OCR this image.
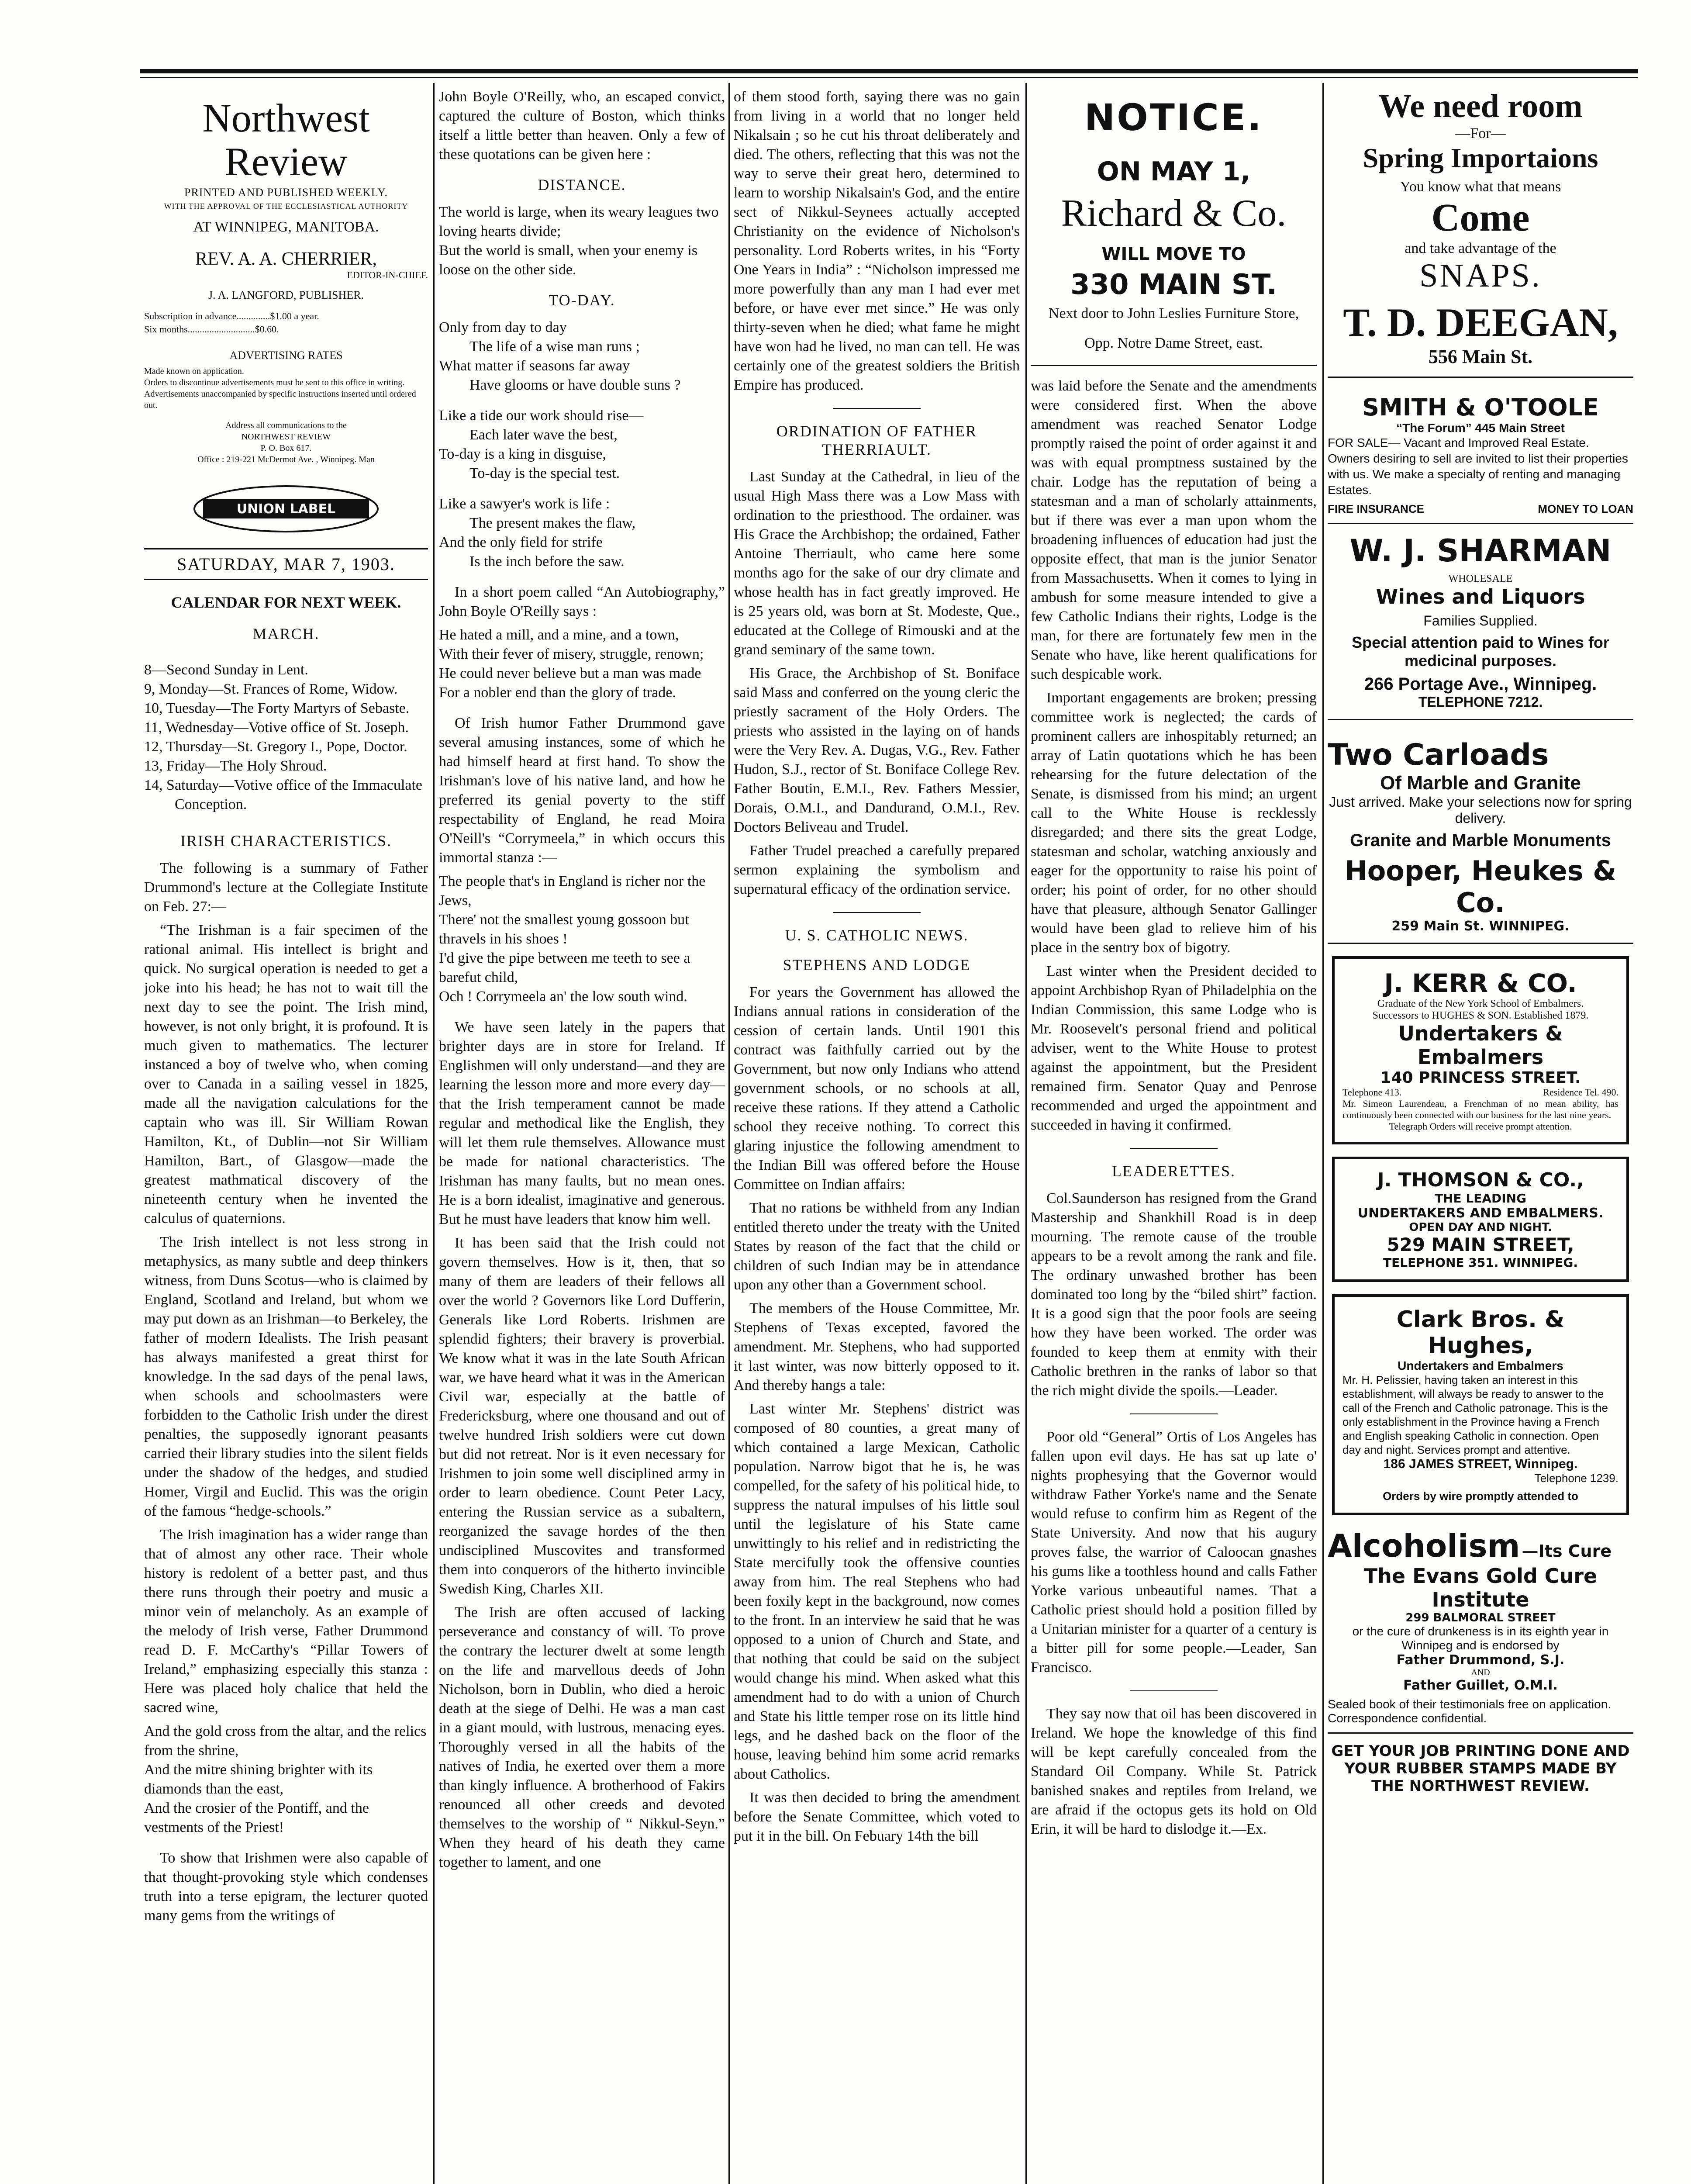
Northwest Review
PRINTED AND PUBLISHED WEEKLY.
WITH THE APPROVAL OF THE ECCLESIASTICAL AUTHORITY
AT WINNIPEG, MANITOBA.
REV. A. A. CHERRIER,
EDITOR-IN-CHIEF.
J. A. LANGFORD, PUBLISHER.
Subscription in advance..............$1.00 a year.
Six months............................$0.60.
ADVERTISING RATES
Made known on application.
Orders to discontinue advertisements must be sent to this office in writing.
Advertisements unaccompanied by specific instructions inserted until ordered out.
Address all communications to the
NORTHWEST REVIEW
P. O. Box 617.
Office : 219-221 McDermot Ave. , Winnipeg. Man
UNION LABEL
SATURDAY, MAR 7, 1903.
CALENDAR FOR NEXT WEEK.
MARCH.
8—Second Sunday in Lent.
9, Monday—St. Frances of Rome, Widow.
10, Tuesday—The Forty Martyrs of Sebaste.
11, Wednesday—Votive office of St. Joseph.
12, Thursday—St. Gregory I., Pope, Doctor.
13, Friday—The Holy Shroud.
14, Saturday—Votive office of the Immaculate Conception.
IRISH CHARACTERISTICS.

The following is a summary of Father Drummond's lecture at the Collegiate Institute on Feb. 27:—

“The Irishman is a fair specimen of the rational animal. His intellect is bright and quick. No surgical operation is needed to get a joke into his head; he has not to wait till the next day to see the point. The Irish mind, however, is not only bright, it is profound. It is much given to mathematics. The lecturer instanced a boy of twelve who, when coming over to Canada in a sailing vessel in 1825, made all the navigation calculations for the captain who was ill. Sir William Rowan Hamilton, Kt., of Dublin—not Sir William Hamilton, Bart., of Glasgow—made the greatest mathmatical discovery of the nineteenth century when he invented the calculus of quaternions.

The Irish intellect is not less strong in metaphysics, as many subtle and deep thinkers witness, from Duns Scotus—who is claimed by England, Scotland and Ireland, but whom we may put down as an Irishman—to Berkeley, the father of modern Idealists. The Irish peasant has always manifested a great thirst for knowledge. In the sad days of the penal laws, when schools and schoolmasters were forbidden to the Catholic Irish under the direst penalties, the supposedly ignorant peasants carried their library studies into the silent fields under the shadow of the hedges, and studied Homer, Virgil and Euclid. This was the origin of the famous “hedge-schools.”

The Irish imagination has a wider range than that of almost any other race. Their whole history is redolent of a better past, and thus there runs through their poetry and music a minor vein of melancholy. As an example of the melody of Irish verse, Father Drummond read D. F. McCarthy's “Pillar Towers of Ireland,” emphasizing especially this stanza : Here was placed holy chalice that held the sacred wine,

And the gold cross from the altar, and the relics from the shrine,
And the mitre shining brighter with its diamonds than the east,
And the crosier of the Pontiff, and the vestments of the Priest!

To show that Irishmen were also capable of that thought-provoking style which condenses truth into a terse epigram, the lecturer quoted many gems from the writings of

John Boyle O'Reilly, who, an escaped convict, captured the culture of Boston, which thinks itself a little better than heaven. Only a few of these quotations can be given here :

DISTANCE.
The world is large, when its weary leagues two loving hearts divide;
But the world is small, when your enemy is loose on the other side.
TO-DAY.
Only from day to day
The life of a wise man runs ;
What matter if seasons far away
Have glooms or have double suns ?
Like a tide our work should rise—
Each later wave the best,
To-day is a king in disguise,
To-day is the special test.
Like a sawyer's work is life :
The present makes the flaw,
And the only field for strife
Is the inch before the saw.

In a short poem called “An Autobiography,” John Boyle O'Reilly says :

He hated a mill, and a mine, and a town,
With their fever of misery, struggle, renown;
He could never believe but a man was made
For a nobler end than the glory of trade.

Of Irish humor Father Drummond gave several amusing instances, some of which he had himself heard at first hand. To show the Irishman's love of his native land, and how he preferred its genial poverty to the stiff respectability of England, he read Moira O'Neill's “Corrymeela,” in which occurs this immortal stanza :—

The people that's in England is richer nor the Jews,
There' not the smallest young gossoon but thravels in his shoes !
I'd give the pipe between me teeth to see a barefut child,
Och ! Corrymeela an' the low south wind.

We have seen lately in the papers that brighter days are in store for Ireland. If Englishmen will only understand—and they are learning the lesson more and more every day—that the Irish temperament cannot be made regular and methodical like the English, they will let them rule themselves. Allowance must be made for national characteristics. The Irishman has many faults, but no mean ones. He is a born idealist, imaginative and generous. But he must have leaders that know him well.

It has been said that the Irish could not govern themselves. How is it, then, that so many of them are leaders of their fellows all over the world ? Governors like Lord Dufferin, Generals like Lord Roberts. Irishmen are splendid fighters; their bravery is proverbial. We know what it was in the late South African war, we have heard what it was in the American Civil war, especially at the battle of Fredericksburg, where one thousand and out of twelve hundred Irish soldiers were cut down but did not retreat. Nor is it even necessary for Irishmen to join some well disciplined army in order to learn obedience. Count Peter Lacy, entering the Russian service as a subaltern, reorganized the savage hordes of the then undisciplined Muscovites and transformed them into conquerors of the hitherto invincible Swedish King, Charles XII.

The Irish are often accused of lacking perseverance and constancy of will. To prove the contrary the lecturer dwelt at some length on the life and marvellous deeds of John Nicholson, born in Dublin, who died a heroic death at the siege of Delhi. He was a man cast in a giant mould, with lustrous, menacing eyes. Thoroughly versed in all the habits of the natives of India, he exerted over them a more than kingly influence. A brotherhood of Fakirs renounced all other creeds and devoted themselves to the worship of “ Nikkul-Seyn.” When they heard of his death they came together to lament, and one

of them stood forth, saying there was no gain from living in a world that no longer held Nikalsain ; so he cut his throat deliberately and died. The others, reflecting that this was not the way to serve their great hero, determined to learn to worship Nikalsain's God, and the entire sect of Nikkul-Seynees actually accepted Christianity on the evidence of Nicholson's personality. Lord Roberts writes, in his “Forty One Years in India” : “Nicholson impressed me more powerfully than any man I had ever met before, or have ever met since.” He was only thirty-seven when he died; what fame he might have won had he lived, no man can tell. He was certainly one of the greatest soldiers the British Empire has produced.

ORDINATION OF FATHER THERRIAULT.

Last Sunday at the Cathedral, in lieu of the usual High Mass there was a Low Mass with ordination to the priesthood. The ordainer. was His Grace the Archbishop; the ordained, Father Antoine Therriault, who came here some months ago for the sake of our dry climate and whose health has in fact greatly improved. He is 25 years old, was born at St. Modeste, Que., educated at the College of Rimouski and at the grand seminary of the same town.

His Grace, the Archbishop of St. Boniface said Mass and conferred on the young cleric the priestly sacrament of the Holy Orders. The priests who assisted in the laying on of hands were the Very Rev. A. Dugas, V.G., Rev. Father Hudon, S.J., rector of St. Boniface College Rev. Father Boutin, E.M.I., Rev. Fathers Messier, Dorais, O.M.I., and Dandurand, O.M.I., Rev. Doctors Beliveau and Trudel.

Father Trudel preached a carefully prepared sermon explaining the symbolism and supernatural efficacy of the ordination service.

U. S. CATHOLIC NEWS.
STEPHENS AND LODGE

For years the Government has allowed the Indians annual rations in consideration of the cession of certain lands. Until 1901 this contract was faithfully carried out by the Government, but now only Indians who attend government schools, or no schools at all, receive these rations. If they attend a Catholic school they receive nothing. To correct this glaring injustice the following amendment to the Indian Bill was offered before the House Committee on Indian affairs:

That no rations be withheld from any Indian entitled thereto under the treaty with the United States by reason of the fact that the child or children of such Indian may be in attendance upon any other than a Government school.

The members of the House Committee, Mr. Stephens of Texas excepted, favored the amendment. Mr. Stephens, who had supported it last winter, was now bitterly opposed to it. And thereby hangs a tale:

Last winter Mr. Stephens' district was composed of 80 counties, a great many of which contained a large Mexican, Catholic population. Narrow bigot that he is, he was compelled, for the safety of his political hide, to suppress the natural impulses of his little soul until the legislature of his State came unwittingly to his relief and in redistricting the State mercifully took the offensive counties away from him. The real Stephens who had been foxily kept in the background, now comes to the front. In an interview he said that he was opposed to a union of Church and State, and that nothing that could be said on the subject would change his mind. When asked what this amendment had to do with a union of Church and State his little temper rose on its little hind legs, and he dashed back on the floor of the house, leaving behind him some acrid remarks about Catholics.

It was then decided to bring the amendment before the Senate Committee, which voted to put it in the bill. On Febuary 14th the bill

NOTICE.
ON MAY 1,
Richard & Co.
WILL MOVE TO
330 MAIN ST.
Next door to John Leslies Furniture Store,
Opp. Notre Dame Street, east.

was laid before the Senate and the amendments were considered first. When the above amendment was reached Senator Lodge promptly raised the point of order against it and was with equal promptness sustained by the chair. Lodge has the reputation of being a statesman and a man of scholarly attainments, but if there was ever a man upon whom the broadening influences of education had just the opposite effect, that man is the junior Senator from Massachusetts. When it comes to lying in ambush for some measure intended to give a few Catholic Indians their rights, Lodge is the man, for there are fortunately few men in the Senate who have, like herent qualifications for such despicable work.

Important engagements are broken; pressing committee work is neglected; the cards of prominent callers are inhospitably returned; an array of Latin quotations which he has been rehearsing for the future delectation of the Senate, is dismissed from his mind; an urgent call to the White House is recklessly disregarded; and there sits the great Lodge, statesman and scholar, watching anxiously and eager for the opportunity to raise his point of order; his point of order, for no other should have that pleasure, although Senator Gallinger would have been glad to relieve him of his place in the sentry box of bigotry.

Last winter when the President decided to appoint Archbishop Ryan of Philadelphia on the Indian Commission, this same Lodge who is Mr. Roosevelt's personal friend and political adviser, went to the White House to protest against the appointment, but the President remained firm. Senator Quay and Penrose recommended and urged the appointment and succeeded in having it confirmed.

LEADERETTES.

Col.Saunderson has resigned from the Grand Mastership and Shankhill Road is in deep mourning. The remote cause of the trouble appears to be a revolt among the rank and file. The ordinary unwashed brother has been dominated too long by the “biled shirt” faction. It is a good sign that the poor fools are seeing how they have been worked. The order was founded to keep them at enmity with their Catholic brethren in the ranks of labor so that the rich might divide the spoils.—Leader.

Poor old “General” Ortis of Los Angeles has fallen upon evil days. He has sat up late o' nights prophesying that the Governor would withdraw Father Yorke's name and the Senate would refuse to confirm him as Regent of the State University. And now that his augury proves false, the warrior of Caloocan gnashes his gums like a toothless hound and calls Father Yorke various unbeautiful names. That a Catholic priest should hold a position filled by a Unitarian minister for a quarter of a century is a bitter pill for some people.—Leader, San Francisco.

They say now that oil has been discovered in Ireland. We hope the knowledge of this find will be kept carefully concealed from the Standard Oil Company. While St. Patrick banished snakes and reptiles from Ireland, we are afraid if the octopus gets its hold on Old Erin, it will be hard to dislodge it.—Ex.

We need room
—For—
Spring Importaions
You know what that means
Come
and take advantage of the
SNAPS.
T. D. DEEGAN,
556 Main St.
SMITH & O'TOOLE
“The Forum” 445 Main Street
FOR SALE— Vacant and Improved Real Estate. Owners desiring to sell are invited to list their properties with us. We make a specialty of renting and managing Estates.
FIRE INSURANCE	MONEY TO LOAN
W. J. SHARMAN
WHOLESALE
Wines and Liquors
Families Supplied.
Special attention paid to Wines for medicinal purposes.
266 Portage Ave., Winnipeg.
TELEPHONE 7212.
Two Carloads
Of Marble and Granite
Just arrived. Make your selections now for spring delivery.
Granite and Marble Monuments
Hooper, Heukes & Co.
259 Main St. WINNIPEG.
J. KERR & CO.
Graduate of the New York School of Embalmers.
Successors to HUGHES & SON. Established 1879.
Undertakers & Embalmers
140 PRINCESS STREET.
Telephone 413.	Residence Tel. 490.
Mr. Simeon Laurendeau, a Frenchman of no mean ability, has continuously been connected with our business for the last nine years.
Telegraph Orders will receive prompt attention.
J. THOMSON & CO.,
THE LEADING
UNDERTAKERS AND EMBALMERS.
OPEN DAY AND NIGHT.
529 MAIN STREET,
TELEPHONE 351. WINNIPEG.
Clark Bros. & Hughes,
Undertakers and Embalmers
Mr. H. Pelissier, having taken an interest in this establishment, will always be ready to answer to the call of the French and Catholic patronage. This is the only establishment in the Province having a French and English speaking Catholic in connection. Open day and night. Services prompt and attentive.
186 JAMES STREET, Winnipeg.
Telephone 1239.
Orders by wire promptly attended to
Alcoholism —Its Cure
The Evans Gold Cure Institute
299 BALMORAL STREET
or the cure of drunkeness is in its eighth year in Winnipeg and is endorsed by
Father Drummond, S.J.
AND
Father Guillet, O.M.I.
Sealed book of their testimonials free on application. Correspondence confidential.
GET YOUR JOB PRINTING DONE AND YOUR RUBBER STAMPS MADE BY THE NORTHWEST REVIEW.
